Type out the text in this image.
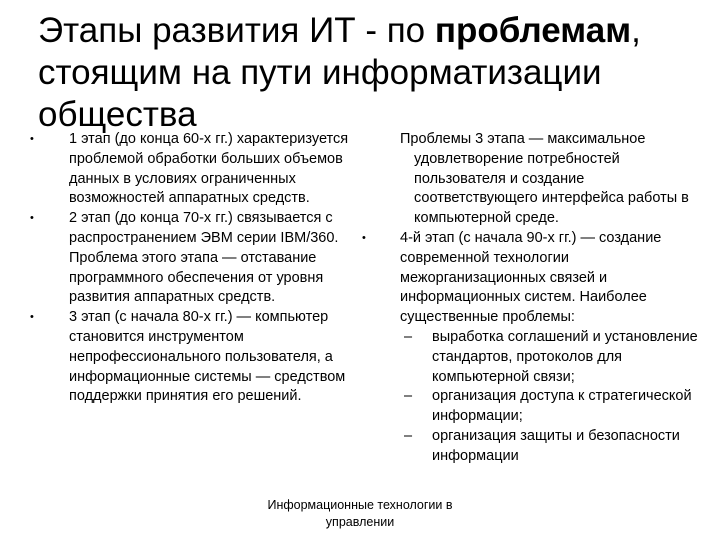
Этапы развития ИТ - по проблемам, стоящим на пути информатизации общества
•	1 этап (до конца 60-х гг.) характеризуется проблемой обработки больших объемов данных в условиях ограниченных возможностей аппаратных средств.
•	2 этап (до конца 70-х гг.) связывается с распространением ЭВМ серии IBM/360. Проблема этого этапа — отставание программного обеспечения от уровня развития аппаратных средств.
•	3 этап (с начала 80-х гг.) — компьютер становится инструментом непрофессионального пользователя, а информационные системы — средством поддержки принятия его решений.
Проблемы 3 этапа — максимальное удовлетворение потребностей пользователя и создание соответствующего интерфейса работы в компьютерной среде.
•	4-й этап (с начала 90-х гг.) — создание современной технологии межорганизационных связей и информационных систем. Наиболее существенные проблемы:
–	выработка соглашений и установление стандартов, протоколов для компьютерной связи;
–	организация доступа к стратегической информации;
–	организация защиты и безопасности информации
Информационные технологии в управлении
